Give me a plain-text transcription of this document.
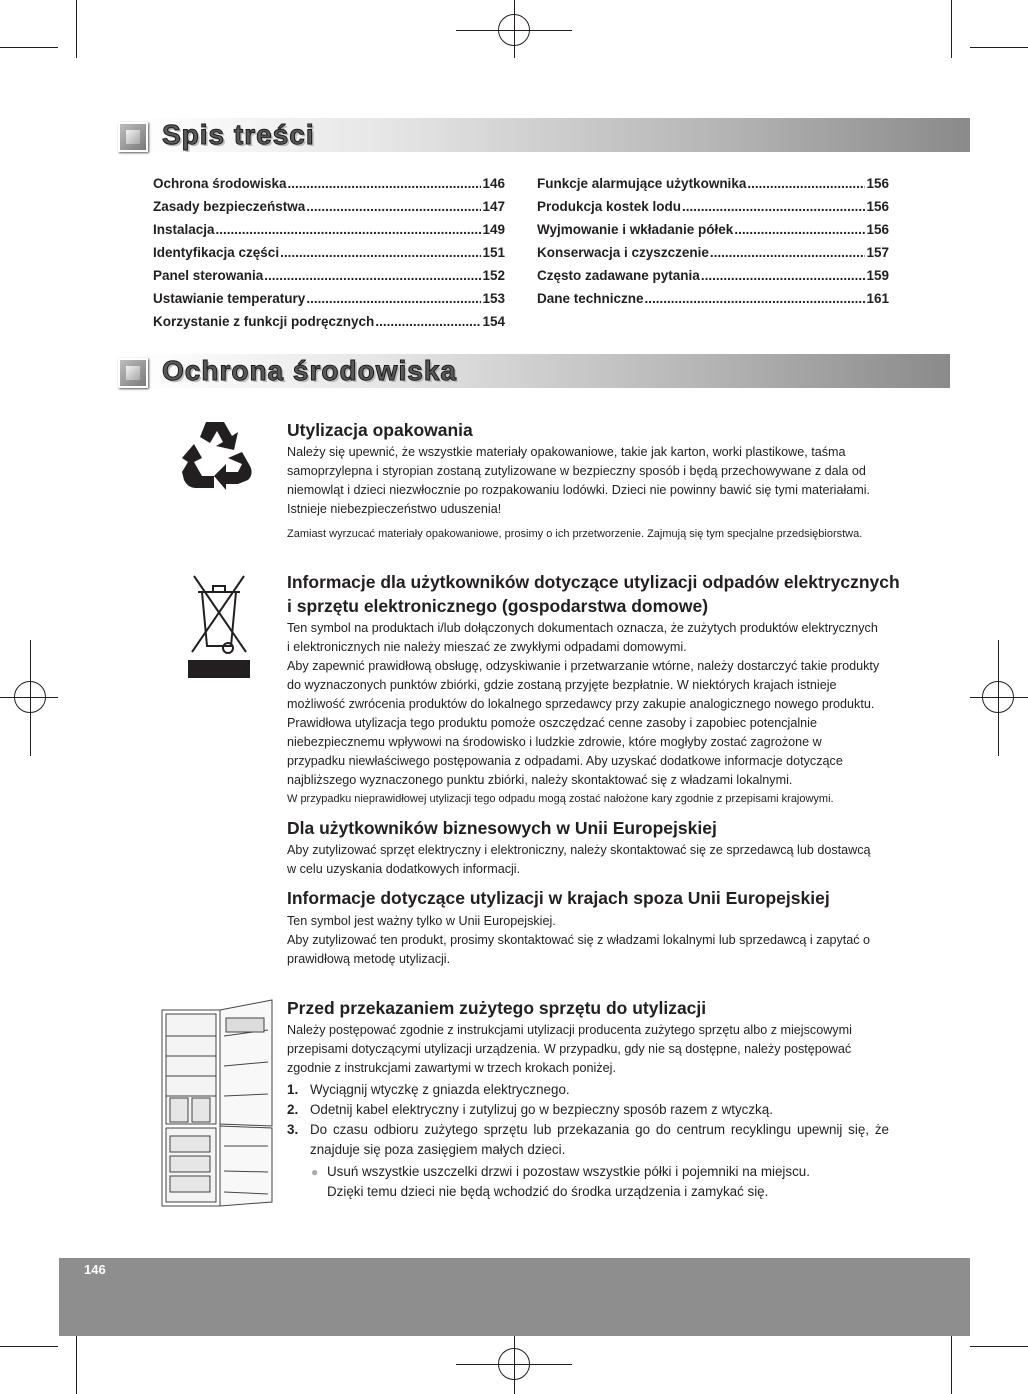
Spis treści
Ochrona środowiska .....	146
Zasady bezpieczeństwa .....	147
Instalacja .....	149
Identyfikacja części .....	151
Panel sterowania .....	152
Ustawianie temperatury .....	153
Korzystanie z funkcji podręcznych .....	154
Funkcje alarmujące użytkownika .....	156
Produkcja kostek lodu .....	156
Wyjmowanie i wkładanie półek .....	156
Konserwacja i czyszczenie .....	157
Często zadawane pytania .....	159
Dane techniczne .....	161
Ochrona środowiska
Utylizacja opakowania
Należy się upewnić, że wszystkie materiały opakowaniowe, takie jak karton, worki plastikowe, taśma
samoprzylepna i styropian zostaną zutylizowane w bezpieczny sposób i będą przechowywane z dala od
niemowląt i dzieci niezwłocznie po rozpakowaniu lodówki. Dzieci nie powinny bawić się tymi materiałami.
Istnieje niebezpieczeństwo uduszenia!
Zamiast wyrzucać materiały opakowaniowe, prosimy o ich przetworzenie. Zajmują się tym specjalne przedsiębiorstwa.
Informacje dla użytkowników dotyczące utylizacji odpadów elektrycznych
i sprzętu elektronicznego (gospodarstwa domowe)
Ten symbol na produktach i/lub dołączonych dokumentach oznacza, że zużytych produktów elektrycznych
i elektronicznych nie należy mieszać ze zwykłymi odpadami domowymi.
Aby zapewnić prawidłową obsługę, odzyskiwanie i przetwarzanie wtórne, należy dostarczyć takie produkty
do wyznaczonych punktów zbiórki, gdzie zostaną przyjęte bezpłatnie. W niektórych krajach istnieje
możliwość zwrócenia produktów do lokalnego sprzedawcy przy zakupie analogicznego nowego produktu.
Prawidłowa utylizacja tego produktu pomoże oszczędzać cenne zasoby i zapobiec potencjalnie
niebezpiecznemu wpływowi na środowisko i ludzkie zdrowie, które mogłyby zostać zagrożone w
przypadku niewłaściwego postępowania z odpadami. Aby uzyskać dodatkowe informacje dotyczące
najbliższego wyznaczonego punktu zbiórki, należy skontaktować się z władzami lokalnymi.
W przypadku nieprawidłowej utylizacji tego odpadu mogą zostać nałożone kary zgodnie z przepisami krajowymi.
Dla użytkowników biznesowych w Unii Europejskiej
Aby zutylizować sprzęt elektryczny i elektroniczny, należy skontaktować się ze sprzedawcą lub dostawcą
w celu uzyskania dodatkowych informacji.
Informacje dotyczące utylizacji w krajach spoza Unii Europejskiej
Ten symbol jest ważny tylko w Unii Europejskiej.
Aby zutylizować ten produkt, prosimy skontaktować się z władzami lokalnymi lub sprzedawcą i zapytać o
prawidłową metodę utylizacji.
Przed przekazaniem zużytego sprzętu do utylizacji
Należy postępować zgodnie z instrukcjami utylizacji producenta zużytego sprzętu albo z miejscowymi
przepisami dotyczącymi utylizacji urządzenia. W przypadku, gdy nie są dostępne, należy postępować
zgodnie z instrukcjami zawartymi w trzech krokach poniżej.
1. Wyciągnij wtyczkę z gniazda elektrycznego.
2. Odetnij kabel elektryczny i zutylizuj go w bezpieczny sposób razem z wtyczką.
3. Do czasu odbioru zużytego sprzętu lub przekazania go do centrum recyklingu upewnij się, że znajduje się poza zasięgiem małych dzieci.
● Usuń wszystkie uszczelki drzwi i pozostaw wszystkie półki i pojemniki na miejscu.
Dzięki temu dzieci nie będą wchodzić do środka urządzenia i zamykać się.
146
